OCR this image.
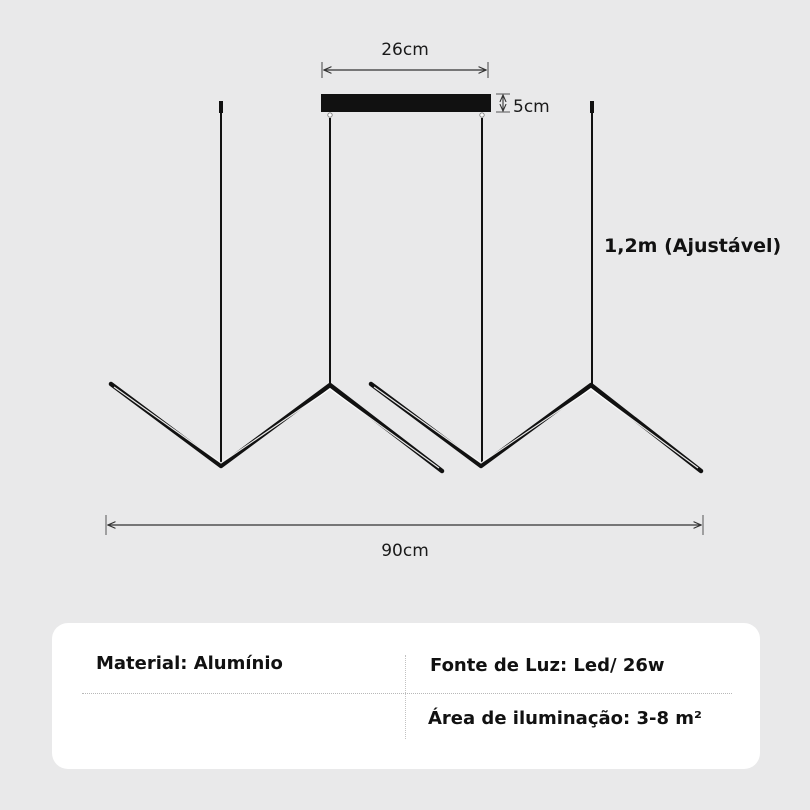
26cm
5cm
1,2m (Ajustável)
90cm
Material: Alumínio	Fonte de Luz: Led/ 26w
Área de iluminação: 3-8 m²
